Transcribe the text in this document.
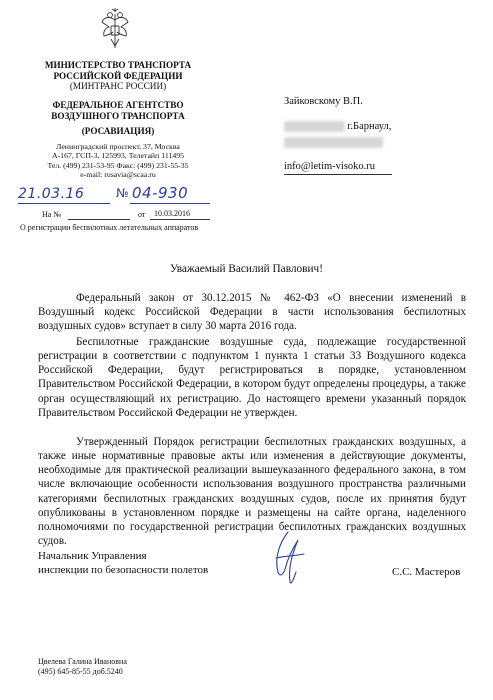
МИНИСТЕРСТВО ТРАНСПОРТА
РОССИЙСКОЙ ФЕДЕРАЦИИ
(МИНТРАНС РОССИИ)
ФЕДЕРАЛЬНОЕ АГЕНТСТВО
ВОЗДУШНОГО ТРАНСПОРТА
(РОСАВИАЦИЯ)
Ленинградский проспект, 37, Москва
А-167, ГСП-3, 125993, Телетайп 111495
Тел. (499) 231-53-95 Факс: (499) 231-55-35
e-mail: rusavia@scaa.ru
21.03.16	№ 04-930
На №	от 10.03.2016
О регистрации беспилотных летательных аппаратов
Зайковскому В.П.
г.Барнаул,
info@letim-visoko.ru
Уважаемый Василий Павлович!

Федеральный закон от 30.12.2015 № 462-ФЗ «О внесении изменений в Воздушный кодекс Российской Федерации в части использования беспилотных воздушных судов» вступает в силу 30 марта 2016 года.

Беспилотные гражданские воздушные суда, подлежащие государственной регистрации в соответствии с подпунктом 1 пункта 1 статьи 33 Воздушного кодекса Российской Федерации, будут регистрироваться в порядке, установленном Правительством Российской Федерации, в котором будут определены процедуры, а также орган осуществляющий их регистрацию. До настоящего времени указанный порядок Правительством Российской Федерации не утвержден.

Утвержденный Порядок регистрации беспилотных гражданских воздушных, а также иные нормативные правовые акты или изменения в действующие документы, необходимые для практической реализации вышеуказанного федерального закона, в том числе включающие особенности использования воздушного пространства различными категориями беспилотных гражданских воздушных судов, после их принятия будут опубликованы в установленном порядке и размещены на сайте органа, наделенного полномочиями по государственной регистрации беспилотных гражданских воздушных судов.

Начальник Управления
инспекции по безопасности полетов	С.С. Мастеров
Цвелева Галина Ивановна
(495) 645-85-55 доб.5240
